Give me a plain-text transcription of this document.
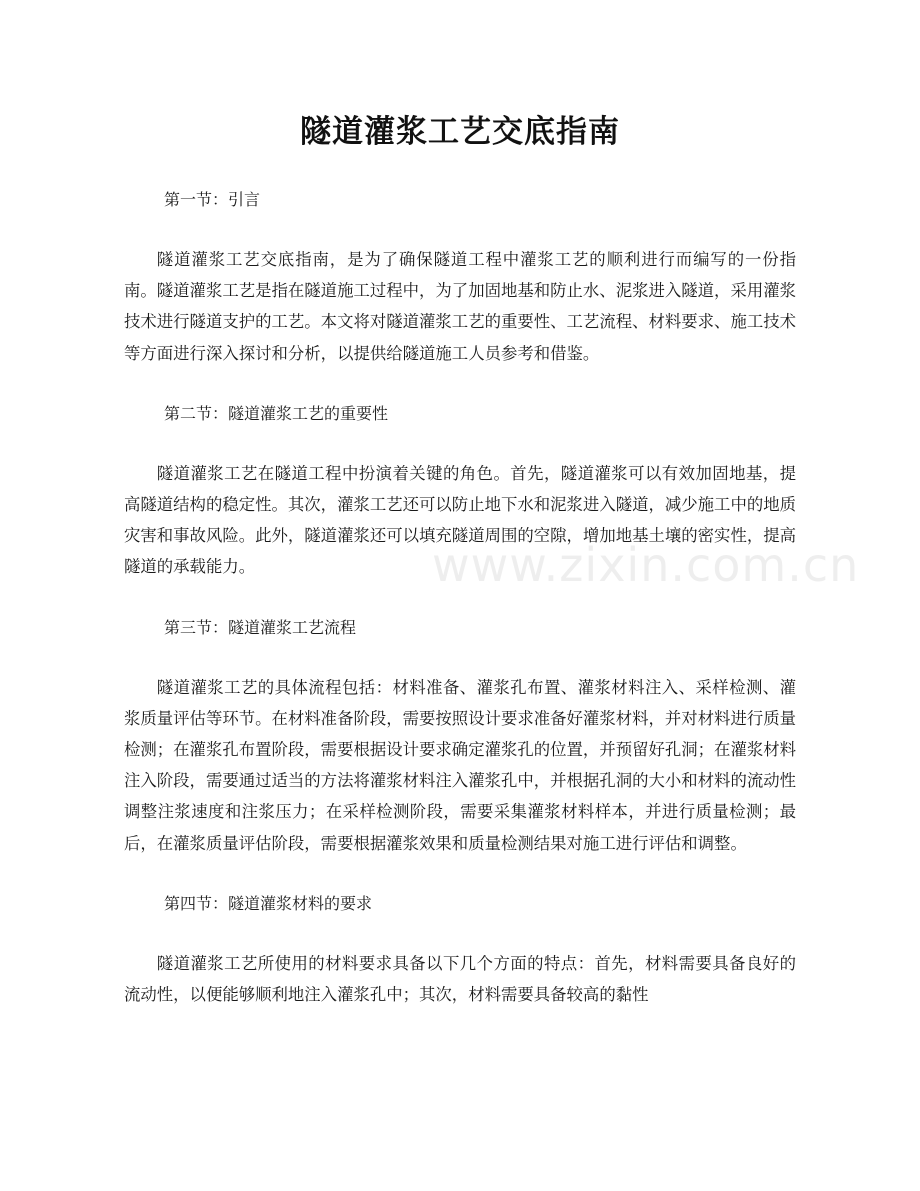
隧道灌浆工艺交底指南
第一节：引言

隧道灌浆工艺交底指南，是为了确保隧道工程中灌浆工艺的顺利进行而编写的一份指南。隧道灌浆工艺是指在隧道施工过程中，为了加固地基和防止水、泥浆进入隧道，采用灌浆技术进行隧道支护的工艺。本文将对隧道灌浆工艺的重要性、工艺流程、材料要求、施工技术等方面进行深入探讨和分析，以提供给隧道施工人员参考和借鉴。

第二节：隧道灌浆工艺的重要性

隧道灌浆工艺在隧道工程中扮演着关键的角色。首先，隧道灌浆可以有效加固地基，提高隧道结构的稳定性。其次，灌浆工艺还可以防止地下水和泥浆进入隧道，减少施工中的地质灾害和事故风险。此外，隧道灌浆还可以填充隧道周围的空隙，增加地基土壤的密实性，提高隧道的承载能力。

第三节：隧道灌浆工艺流程

隧道灌浆工艺的具体流程包括：材料准备、灌浆孔布置、灌浆材料注入、采样检测、灌浆质量评估等环节。在材料准备阶段，需要按照设计要求准备好灌浆材料，并对材料进行质量检测；在灌浆孔布置阶段，需要根据设计要求确定灌浆孔的位置，并预留好孔洞；在灌浆材料注入阶段，需要通过适当的方法将灌浆材料注入灌浆孔中，并根据孔洞的大小和材料的流动性调整注浆速度和注浆压力；在采样检测阶段，需要采集灌浆材料样本，并进行质量检测；最后，在灌浆质量评估阶段，需要根据灌浆效果和质量检测结果对施工进行评估和调整。

第四节：隧道灌浆材料的要求

隧道灌浆工艺所使用的材料要求具备以下几个方面的特点：首先，材料需要具备良好的流动性，以便能够顺利地注入灌浆孔中；其次，材料需要具备较高的黏性

www.zixin.com.cn
